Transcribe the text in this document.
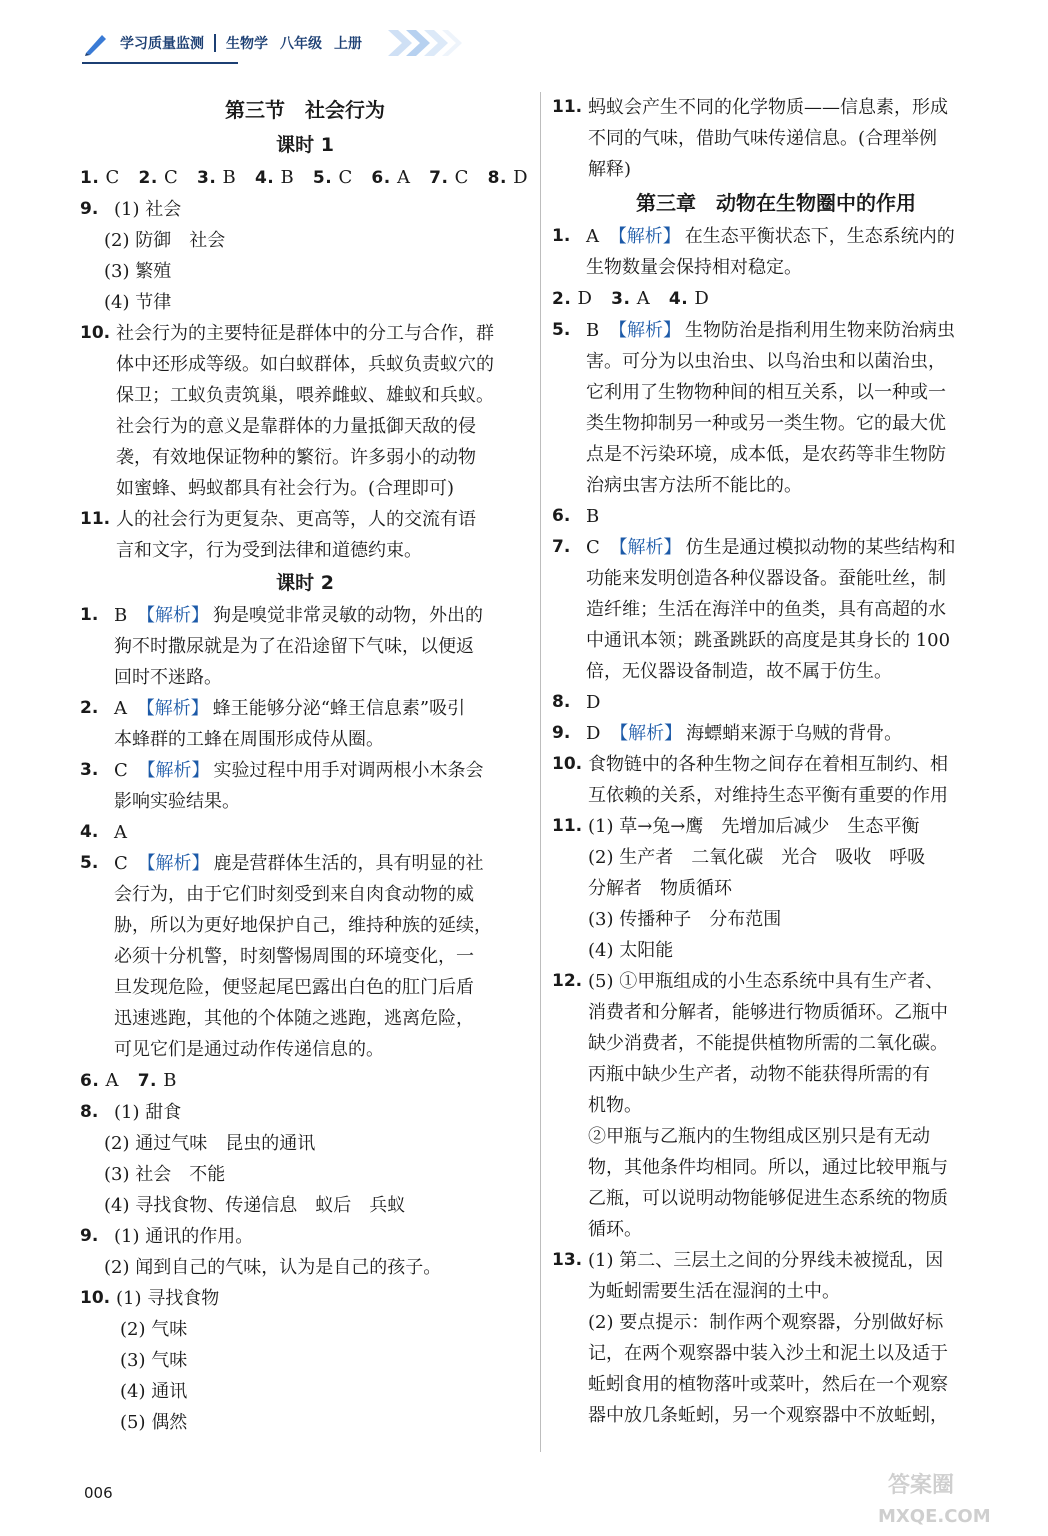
学习质量监测 生物学 八年级 上册
第三节　社会行为
课时 1
1. C 2. C 3. B 4. B 5. C 6. A 7. C 8. D
9. (1) 社会
(2) 防御　社会
(3) 繁殖
(4) 节律
10. 社会行为的主要特征是群体中的分工与合作，群
体中还形成等级。如白蚁群体，兵蚁负责蚁穴的
保卫；工蚁负责筑巢，喂养雌蚁、雄蚁和兵蚁。
社会行为的意义是靠群体的力量抵御天敌的侵
袭，有效地保证物种的繁衍。许多弱小的动物
如蜜蜂、蚂蚁都具有社会行为。(合理即可)
11. 人的社会行为更复杂、更高等，人的交流有语
言和文字，行为受到法律和道德约束。
课时 2
1. B 【解析】 狗是嗅觉非常灵敏的动物，外出的
狗不时撒尿就是为了在沿途留下气味，以便返
回时不迷路。
2. A 【解析】 蜂王能够分泌“蜂王信息素”吸引
本蜂群的工蜂在周围形成侍从圈。
3. C 【解析】 实验过程中用手对调两根小木条会
影响实验结果。
4. A
5. C 【解析】 鹿是营群体生活的，具有明显的社
会行为，由于它们时刻受到来自肉食动物的威
胁，所以为更好地保护自己，维持种族的延续，
必须十分机警，时刻警惕周围的环境变化，一
旦发现危险，便竖起尾巴露出白色的肛门后盾
迅速逃跑，其他的个体随之逃跑，逃离危险，
可见它们是通过动作传递信息的。
6. A 7. B
8. (1) 甜食
(2) 通过气味　昆虫的通讯
(3) 社会　不能
(4) 寻找食物、传递信息　蚁后　兵蚁
9. (1) 通讯的作用。
(2) 闻到自己的气味，认为是自己的孩子。
10. (1) 寻找食物
(2) 气味
(3) 气味
(4) 通讯
(5) 偶然
11. 蚂蚁会产生不同的化学物质——信息素，形成
不同的气味，借助气味传递信息。(合理举例
解释)
第三章　动物在生物圈中的作用
1. A 【解析】 在生态平衡状态下，生态系统内的
生物数量会保持相对稳定。
2. D 3. A 4. D
5. B 【解析】 生物防治是指利用生物来防治病虫
害。可分为以虫治虫、以鸟治虫和以菌治虫，
它利用了生物物种间的相互关系，以一种或一
类生物抑制另一种或另一类生物。它的最大优
点是不污染环境，成本低，是农药等非生物防
治病虫害方法所不能比的。
6. B
7. C 【解析】 仿生是通过模拟动物的某些结构和
功能来发明创造各种仪器设备。蚕能吐丝，制
造纤维；生活在海洋中的鱼类，具有高超的水
中通讯本领；跳蚤跳跃的高度是其身长的 100
倍，无仪器设备制造，故不属于仿生。
8. D
9. D 【解析】 海螵蛸来源于乌贼的背骨。
10. 食物链中的各种生物之间存在着相互制约、相
互依赖的关系，对维持生态平衡有重要的作用
11. (1) 草→兔→鹰　先增加后减少　生态平衡
(2) 生产者　二氧化碳　光合　吸收　呼吸
分解者　物质循环
(3) 传播种子　分布范围
(4) 太阳能
12. (5) ①甲瓶组成的小生态系统中具有生产者、
消费者和分解者，能够进行物质循环。乙瓶中
缺少消费者，不能提供植物所需的二氧化碳。
丙瓶中缺少生产者，动物不能获得所需的有
机物。
②甲瓶与乙瓶内的生物组成区别只是有无动
物，其他条件均相同。所以，通过比较甲瓶与
乙瓶，可以说明动物能够促进生态系统的物质
循环。
13. (1) 第二、三层土之间的分界线未被搅乱，因
为蚯蚓需要生活在湿润的土中。
(2) 要点提示：制作两个观察器，分别做好标
记，在两个观察器中装入沙土和泥土以及适于
蚯蚓食用的植物落叶或菜叶，然后在一个观察
器中放几条蚯蚓，另一个观察器中不放蚯蚓，
006	答案圈
MXQE.COM
